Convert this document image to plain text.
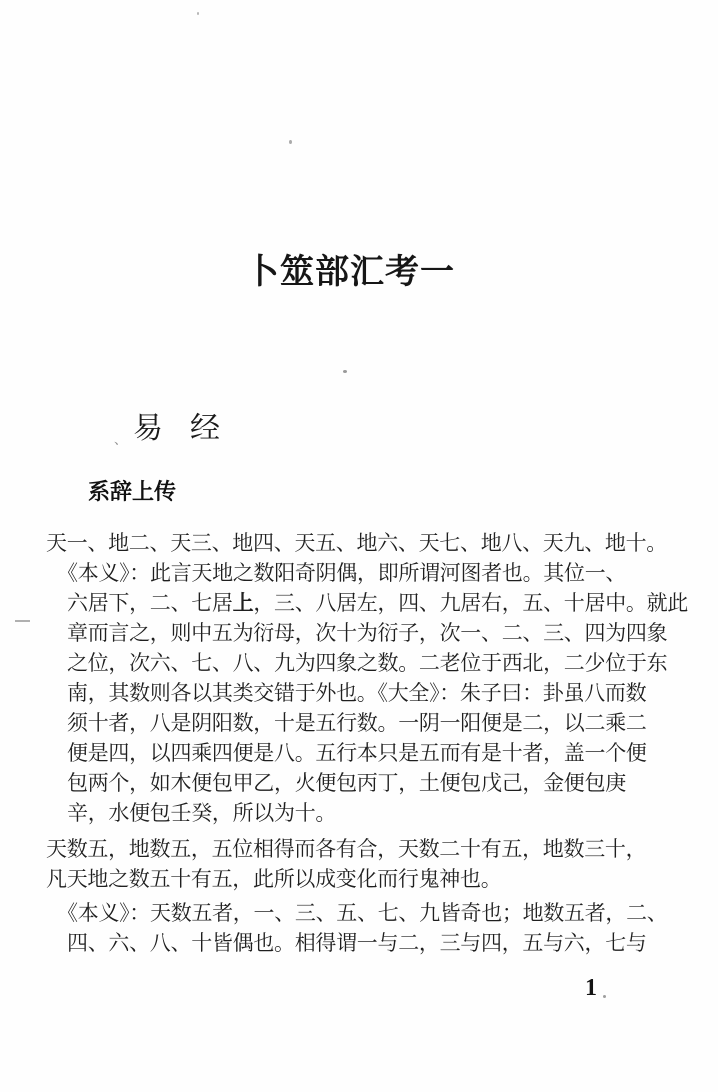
卜筮部汇考一
易 经
系辞上传
天一、地二、天三、地四、天五、地六、天七、地八、天九、地十。
《本义》：此言天地之数阳奇阴偶，即所谓河图者也。其位一、
六居下，二、七居上，三、八居左，四、九居右，五、十居中。就此
章而言之，则中五为衍母，次十为衍子，次一、二、三、四为四象
之位，次六、七、八、九为四象之数。二老位于西北，二少位于东
南，其数则各以其类交错于外也。《大全》：朱子曰：卦虽八而数
须十者，八是阴阳数，十是五行数。一阴一阳便是二，以二乘二
便是四，以四乘四便是八。五行本只是五而有是十者，盖一个便
包两个，如木便包甲乙，火便包丙丁，土便包戊己，金便包庚
辛，水便包壬癸，所以为十。
天数五，地数五，五位相得而各有合，天数二十有五，地数三十，
凡天地之数五十有五，此所以成变化而行鬼神也。
《本义》：天数五者，一、三、五、七、九皆奇也；地数五者，二、
四、六、八、十皆偶也。相得谓一与二，三与四，五与六，七与
1
、
